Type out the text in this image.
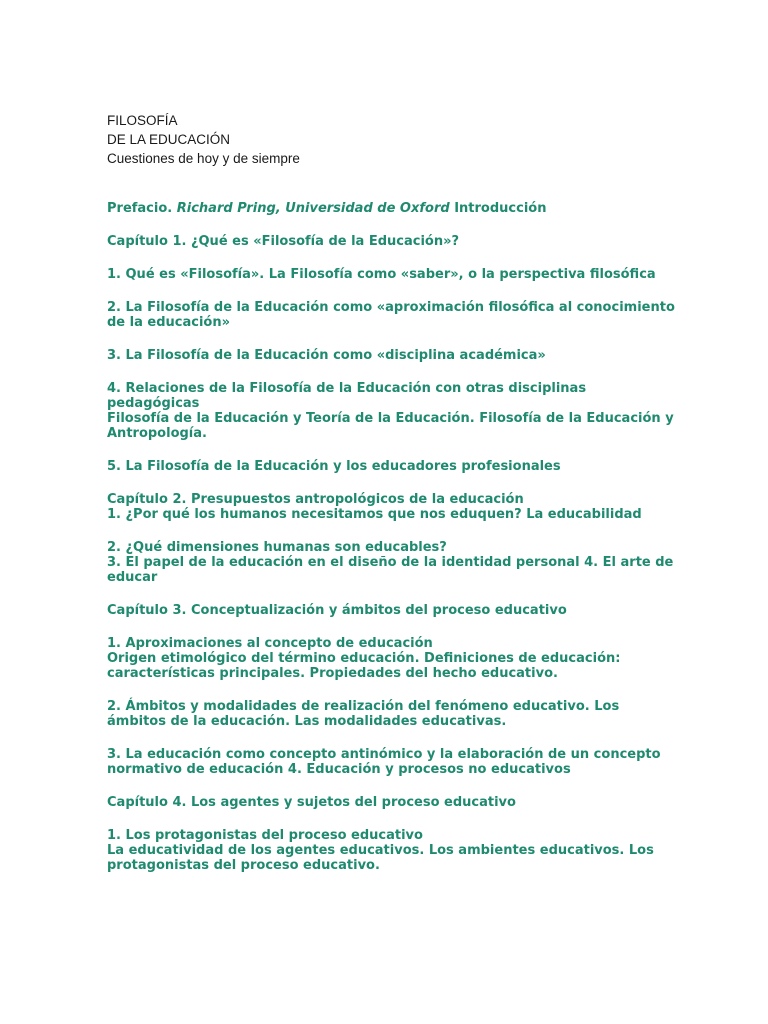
FILOSOFÍA
DE LA EDUCACIÓN
Cuestiones de hoy y de siempre
Prefacio. Richard Pring, Universidad de Oxford Introducción
Capítulo 1. ¿Qué es «Filosofía de la Educación»?
1. Qué es «Filosofía». La Filosofía como «saber», o la perspectiva filosófica
2. La Filosofía de la Educación como «aproximación filosófica al conocimiento
de la educación»
3. La Filosofía de la Educación como «disciplina académica»
4. Relaciones de la Filosofía de la Educación con otras disciplinas
pedagógicas
Filosofía de la Educación y Teoría de la Educación. Filosofía de la Educación y
Antropología.
5. La Filosofía de la Educación y los educadores profesionales
Capítulo 2. Presupuestos antropológicos de la educación
1. ¿Por qué los humanos necesitamos que nos eduquen? La educabilidad
2. ¿Qué dimensiones humanas son educables?
3. El papel de la educación en el diseño de la identidad personal 4. El arte de
educar
Capítulo 3. Conceptualización y ámbitos del proceso educativo
1. Aproximaciones al concepto de educación
Origen etimológico del término educación. Definiciones de educación:
características principales. Propiedades del hecho educativo.
2. Ámbitos y modalidades de realización del fenómeno educativo. Los
ámbitos de la educación. Las modalidades educativas.
3. La educación como concepto antinómico y la elaboración de un concepto
normativo de educación 4. Educación y procesos no educativos
Capítulo 4. Los agentes y sujetos del proceso educativo
1. Los protagonistas del proceso educativo
La educatividad de los agentes educativos. Los ambientes educativos. Los
protagonistas del proceso educativo.
